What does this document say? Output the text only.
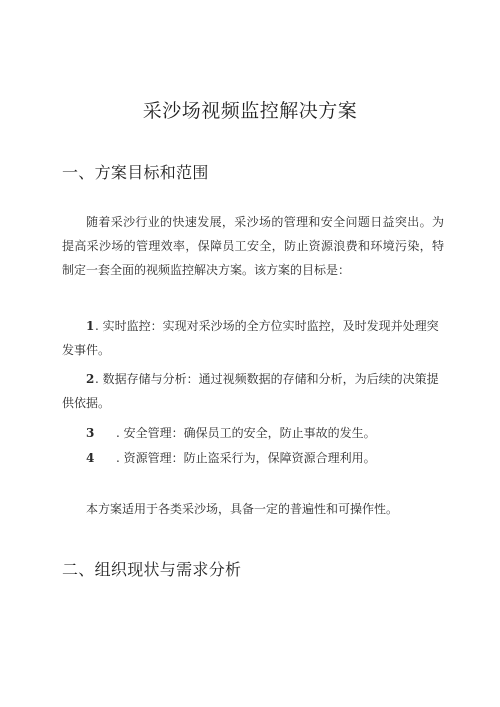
采沙场视频监控解决方案
一、方案目标和范围

随着采沙行业的快速发展，采沙场的管理和安全问题日益突出。为提高采沙场的管理效率，保障员工安全，防止资源浪费和环境污染，特制定一套全面的视频监控解决方案。该方案的目标是：

1. 实时监控：实现对采沙场的全方位实时监控，及时发现并处理突发事件。

2. 数据存储与分析：通过视频数据的存储和分析，为后续的决策提供依据。

3 . 安全管理：确保员工的安全，防止事故的发生。

4 . 资源管理：防止盗采行为，保障资源合理利用。

本方案适用于各类采沙场，具备一定的普遍性和可操作性。

二、组织现状与需求分析
